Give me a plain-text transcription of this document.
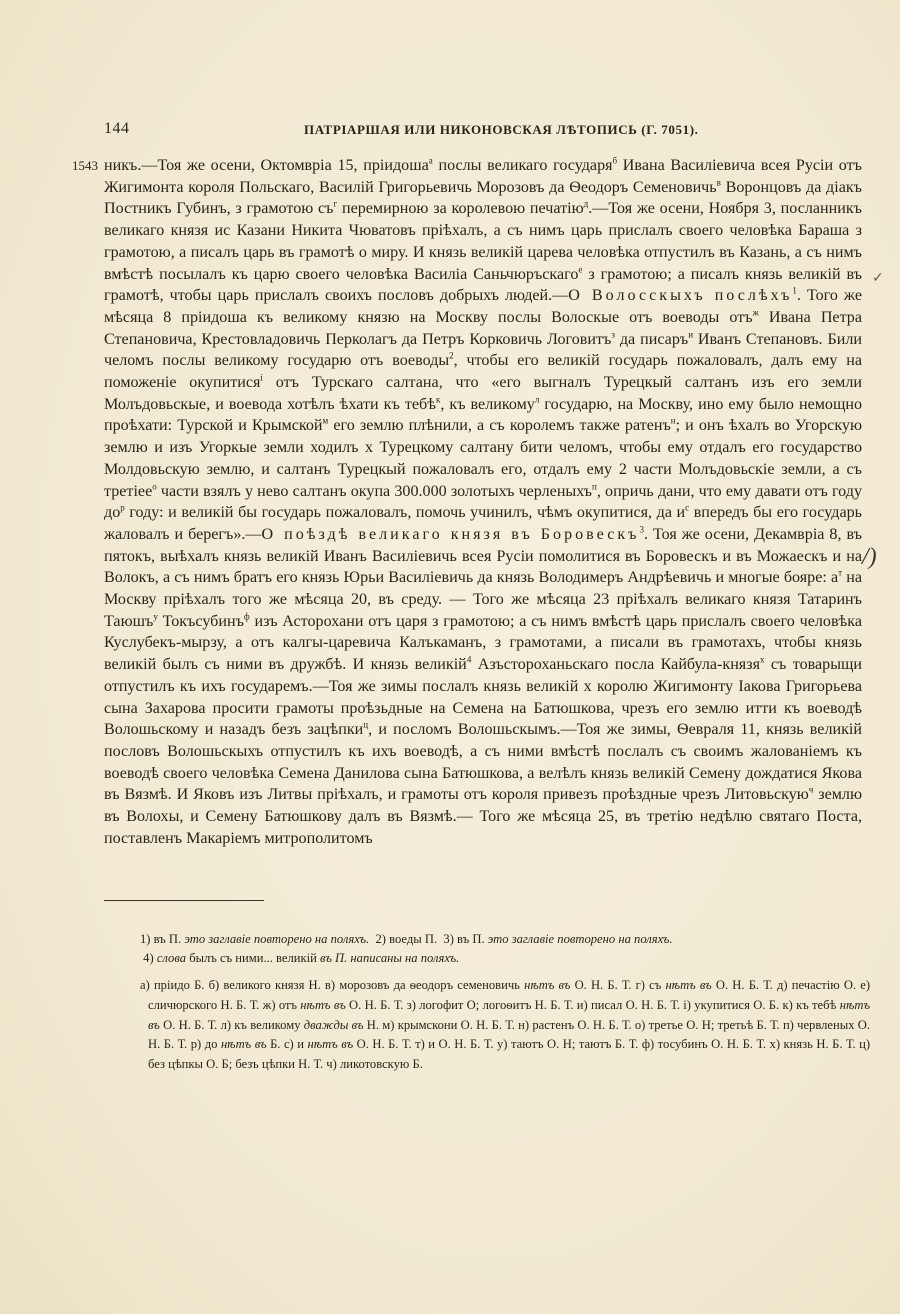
144	ПАТРІАРШАЯ ИЛИ НИКОНОВСКАЯ ЛѢТОПИСЬ (Г. 7051).
1543
✓
/)
никъ.—Тоя же осени, Октомвріа 15, пріидоша$^а$ послы великаго государя$^б$ Ивана Василіевича всея Русіи отъ Жигимонта короля Польскаго, Василій Григорьевичь Морозовъ да Ѳеодоръ Семеновичь$^в$ Воронцовъ да діакъ Постникъ Губинъ, з грамотою $съ^г$ перемирною за королевою печатію$^д$.—Тоя же осени, Ноября 3, посланникъ великаго князя ис Казани Никита Чюватовъ пріѣхалъ, а съ нимъ царь прислалъ своего человѣка Бараша з грамотою, а писалъ царь въ грамотѣ о миру. И князь великій царева человѣка отпустилъ въ Казань, а съ нимъ вмѣстѣ посылалъ къ царю своего человѣка Василіа Саньчюръскаго$^е$ з грамотою; а писалъ князь великій въ грамотѣ, чтобы царь прислалъ своихъ пословъ добрыхъ людей.—О Волосскыхъ послѣхъ$^1$. Того же мѣсяца 8 пріидоша къ великому князю на Москву послы Волоскые отъ воеводы отъ$^ж$ Ивана Петра Степановича, Крестовладовичь Перколагъ да Петръ Корковичь Логовитъ$^з$ да писаръ$^и$ Иванъ Степановъ. Били челомъ послы великому государю отъ воеводы$^2$, чтобы его великій государь пожаловалъ, далъ ему на поможеніе окупитися$^і$ отъ Турскаго салтана, что «его выгналъ Турецкый салтанъ изъ его земли Молъдовьскые, и воевода хотѣлъ ѣхати къ тебѣ$^к$, къ великому$^л$ государю, на Москву, ино ему было немощно проѣхати: Турской и Крымской$^м$ его землю плѣнили, а съ королемъ также ратенъ$^н$; и онъ ѣхалъ во Угорскую землю и изъ Угоркые земли ходилъ х Турецкому салтану бити челомъ, чтобы ему отдалъ его государство Молдовьскую землю, и салтанъ Турецкый пожаловалъ его, отдалъ ему 2 части Молъдовьскіе земли, а съ третіее$^о$ части взялъ у нево салтанъ окупа 300.000 золотыхъ черленыхъ$^п$, опричь дани, что ему давати отъ году $до^р$ году: и великій бы государь пожаловалъ, помочь учинилъ, чѣмъ окупитися, да $и^с$ впередъ бы его государь жаловалъ и берегъ».—О поѣздѣ великаго князя въ Боровескъ$^3$. Тоя же осени, Декамвріа 8, въ пятокъ, выѣхалъ князь великій Иванъ Василіевичь всея Русіи помолитися въ Боровескъ и въ Можаескъ и на Волокъ, а съ нимъ братъ его князь Юрьи Василіевичь да князь Володимеръ Андрѣевичь и многые бояре: $а^т$ на Москву пріѣхалъ того же мѣсяца 20, въ среду. — Того же мѣсяца 23 пріѣхалъ великаго князя Татаринъ Таюшъ$^у$ Токъсубинъ$^ф$ изъ Асторохани отъ царя з грамотою; а съ нимъ вмѣстѣ царь прислалъ своего человѣка Куслубекъ-мырзу, а отъ калгы-царевича Калъкаманъ, з грамотами, а писали въ грамотахъ, чтобы князь великій былъ съ ними въ дружбѣ. И князь великій$^4$ Азъстороханьскаго посла Кайбула-князя$^х$ съ товарыщи отпустилъ къ ихъ государемъ.—Тоя же зимы послалъ князь великій х королю Жигимонту Іакова Григорьева сына Захарова просити грамоты проѣзьдные на Семена на Батюшкова, чрезъ его землю итти къ воеводѣ Волошьскому и назадъ безъ зацѣпки$^ц$, и посломъ Волошьскымъ.—Тоя же зимы, Ѳевраля 11, князь великій пословъ Волошьскыхъ отпустилъ къ ихъ воеводѣ, а съ ними вмѣстѣ послалъ съ своимъ жалованіемъ къ воеводѣ своего человѣка Семена Данилова сына Батюшкова, а велѣлъ князь великій Семену дождатися Якова въ Вязмѣ. И Яковъ изъ Литвы пріѣхалъ, и грамоты отъ короля привезъ проѣздные чрезъ Литовьскую$^ч$ землю въ Волохы, и Семену Батюшкову далъ въ Вязмѣ.— Того же мѣсяца 25, въ третію недѣлю святаго Поста, поставленъ Макаріемъ митрополитомъ
1) въ П. это заглавіе повторено на поляхъ. 2) воеды П. 3) въ П. это заглавіе повторено на поляхъ.
4) слова былъ съ ними... великій въ П. написаны на поляхъ.
а) пріидо Б. б) великого князя Н. в) морозовъ да ѳеодоръ семеновичь нѣтъ въ О. Н. Б. Т. г) съ нѣтъ въ О. Н. Б. Т. д) печастію О. е) сличюрского Н. Б. Т. ж) отъ нѣтъ въ О. Н. Б. Т. з) логофит О; логоѳитъ Н. Б. Т. и) писал О. Н. Б. Т. і) укупитися О. Б. к) къ тебѣ нѣтъ въ О. Н. Б. Т. л) къ великому дважды въ Н. м) крымскони О. Н. Б. Т. н) растенъ О. Н. Б. Т. о) третье О. Н; третьѣ Б. Т. п) червленых О. Н. Б. Т. р) до нѣтъ въ Б. с) и нѣтъ въ О. Н. Б. Т. т) и О. Н. Б. Т. у) таютъ О. Н; таютъ Б. Т. ф) тосубинъ О. Н. Б. Т. х) князь Н. Б. Т. ц) без цѣпкы О. Б; безъ цѣпки Н. Т. ч) ликотовскую Б.
